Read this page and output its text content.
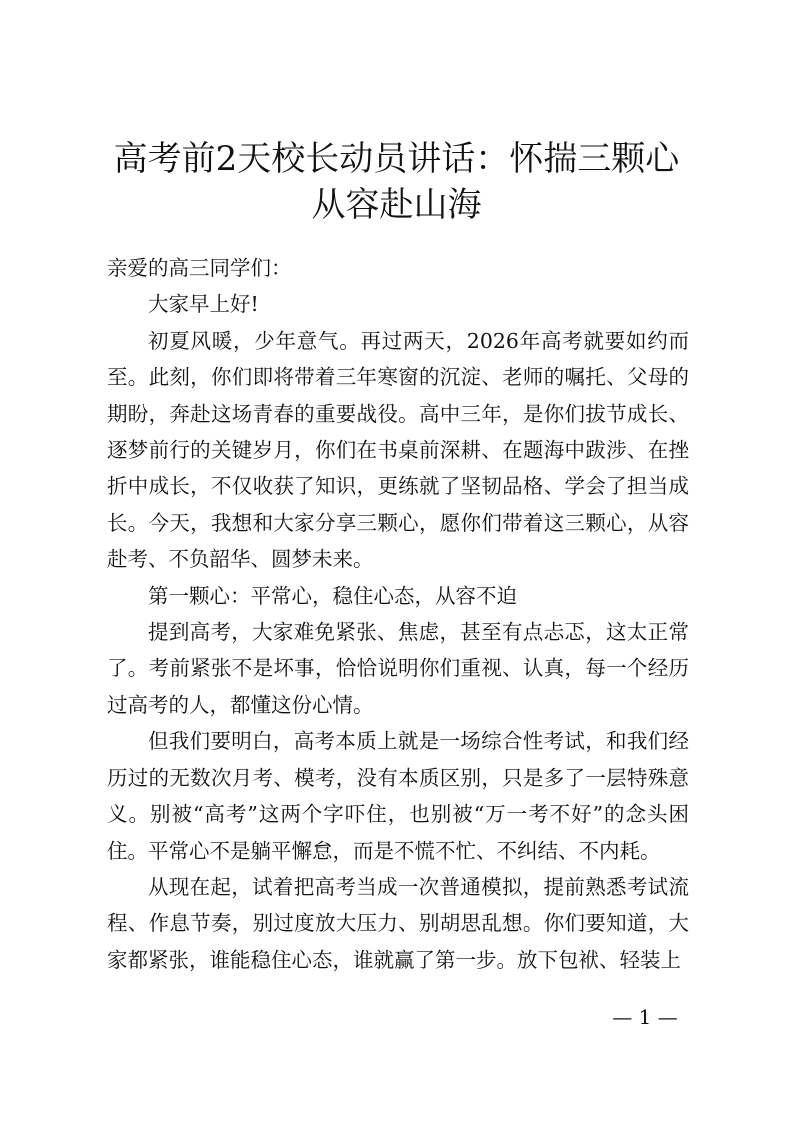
高考前2天校长动员讲话：怀揣三颗心从容赴山海

亲爱的高三同学们：

大家早上好!

初夏风暖，少年意气。再过两天，2026年高考就要如约而至。此刻，你们即将带着三年寒窗的沉淀、老师的嘱托、父母的期盼，奔赴这场青春的重要战役。高中三年，是你们拔节成长、逐梦前行的关键岁月，你们在书桌前深耕、在题海中跋涉、在挫折中成长，不仅收获了知识，更练就了坚韧品格、学会了担当成长。今天，我想和大家分享三颗心，愿你们带着这三颗心，从容赴考、不负韶华、圆梦未来。

第一颗心：平常心，稳住心态，从容不迫

提到高考，大家难免紧张、焦虑，甚至有点忐忑，这太正常了。考前紧张不是坏事，恰恰说明你们重视、认真，每一个经历过高考的人，都懂这份心情。

但我们要明白，高考本质上就是一场综合性考试，和我们经历过的无数次月考、模考，没有本质区别，只是多了一层特殊意义。别被“高考”这两个字吓住，也别被“万一考不好”的念头困住。平常心不是躺平懈怠，而是不慌不忙、不纠结、不内耗。

从现在起，试着把高考当成一次普通模拟，提前熟悉考试流程、作息节奏，别过度放大压力、别胡思乱想。你们要知道，大家都紧张，谁能稳住心态，谁就赢了第一步。放下包袱、轻装上

— 1 —
